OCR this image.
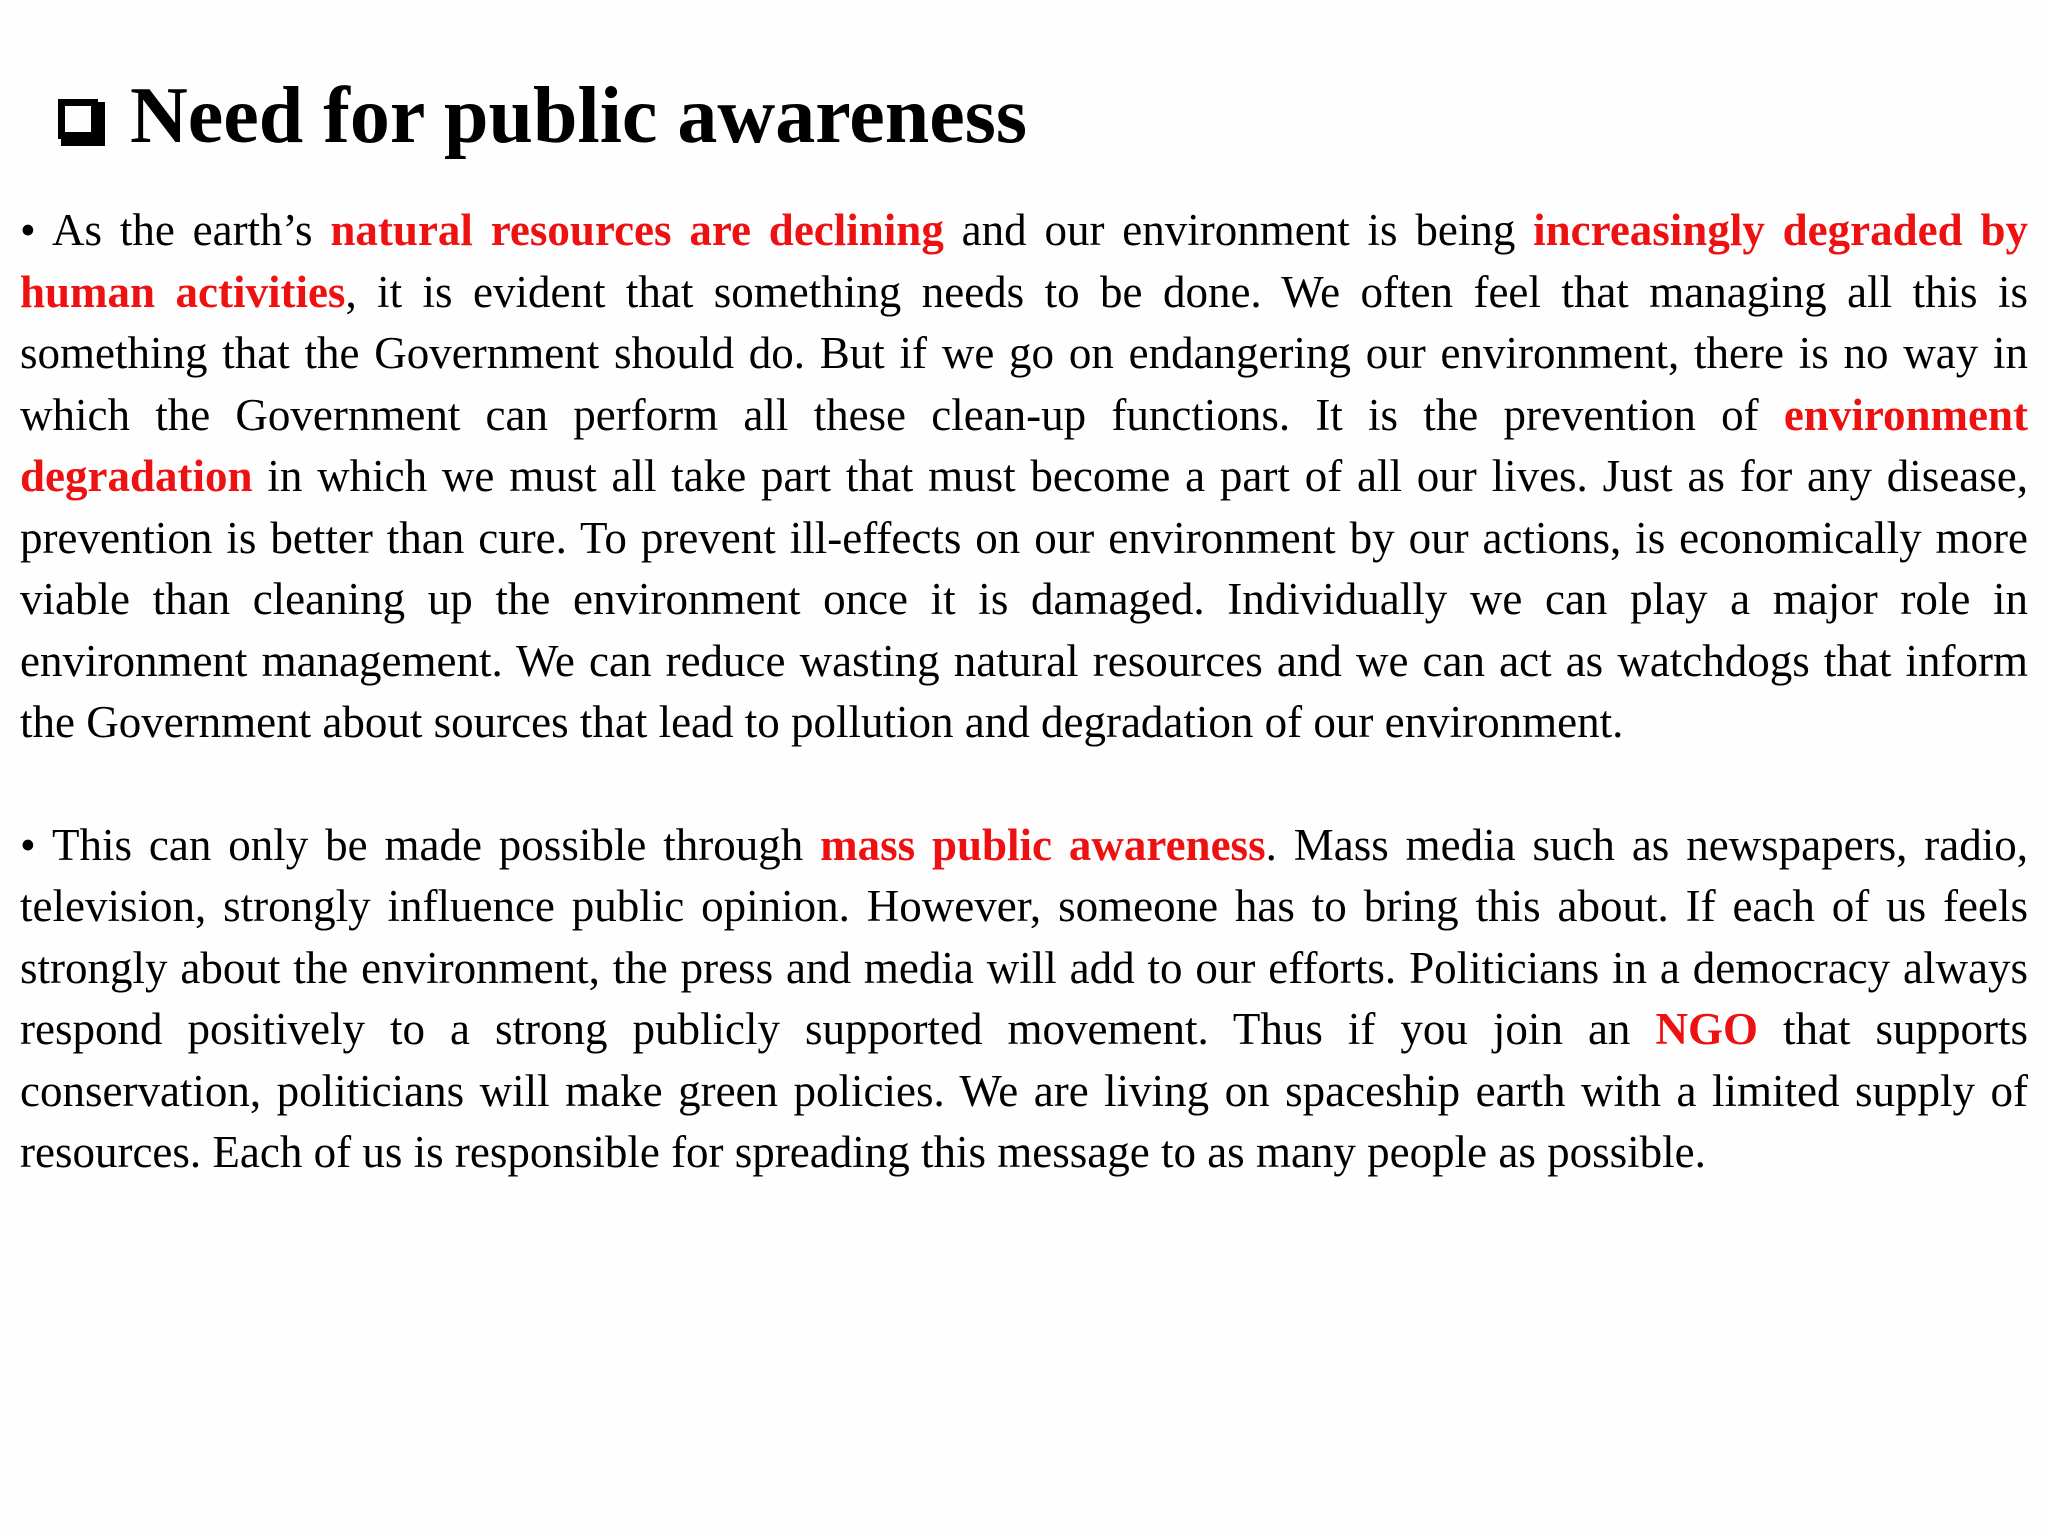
Need for public awareness

• As the earth’s natural resources are declining and our environment is being increasingly degraded by human activities, it is evident that something needs to be done. We often feel that managing all this is something that the Government should do. But if we go on endangering our environment, there is no way in which the Government can perform all these clean-up functions. It is the prevention of environment degradation in which we must all take part that must become a part of all our lives. Just as for any disease, prevention is better than cure. To prevent ill-effects on our environment by our actions, is economically more viable than cleaning up the environment once it is damaged. Individually we can play a major role in environment management. We can reduce wasting natural resources and we can act as watchdogs that inform the Government about sources that lead to pollution and degradation of our environment.

• This can only be made possible through mass public awareness. Mass media such as newspapers, radio, television, strongly influence public opinion. However, someone has to bring this about. If each of us feels strongly about the environment, the press and media will add to our efforts. Politicians in a democracy always respond positively to a strong publicly supported movement. Thus if you join an NGO that supports conservation, politicians will make green policies. We are living on spaceship earth with a limited supply of resources. Each of us is responsible for spreading this message to as many people as possible.
